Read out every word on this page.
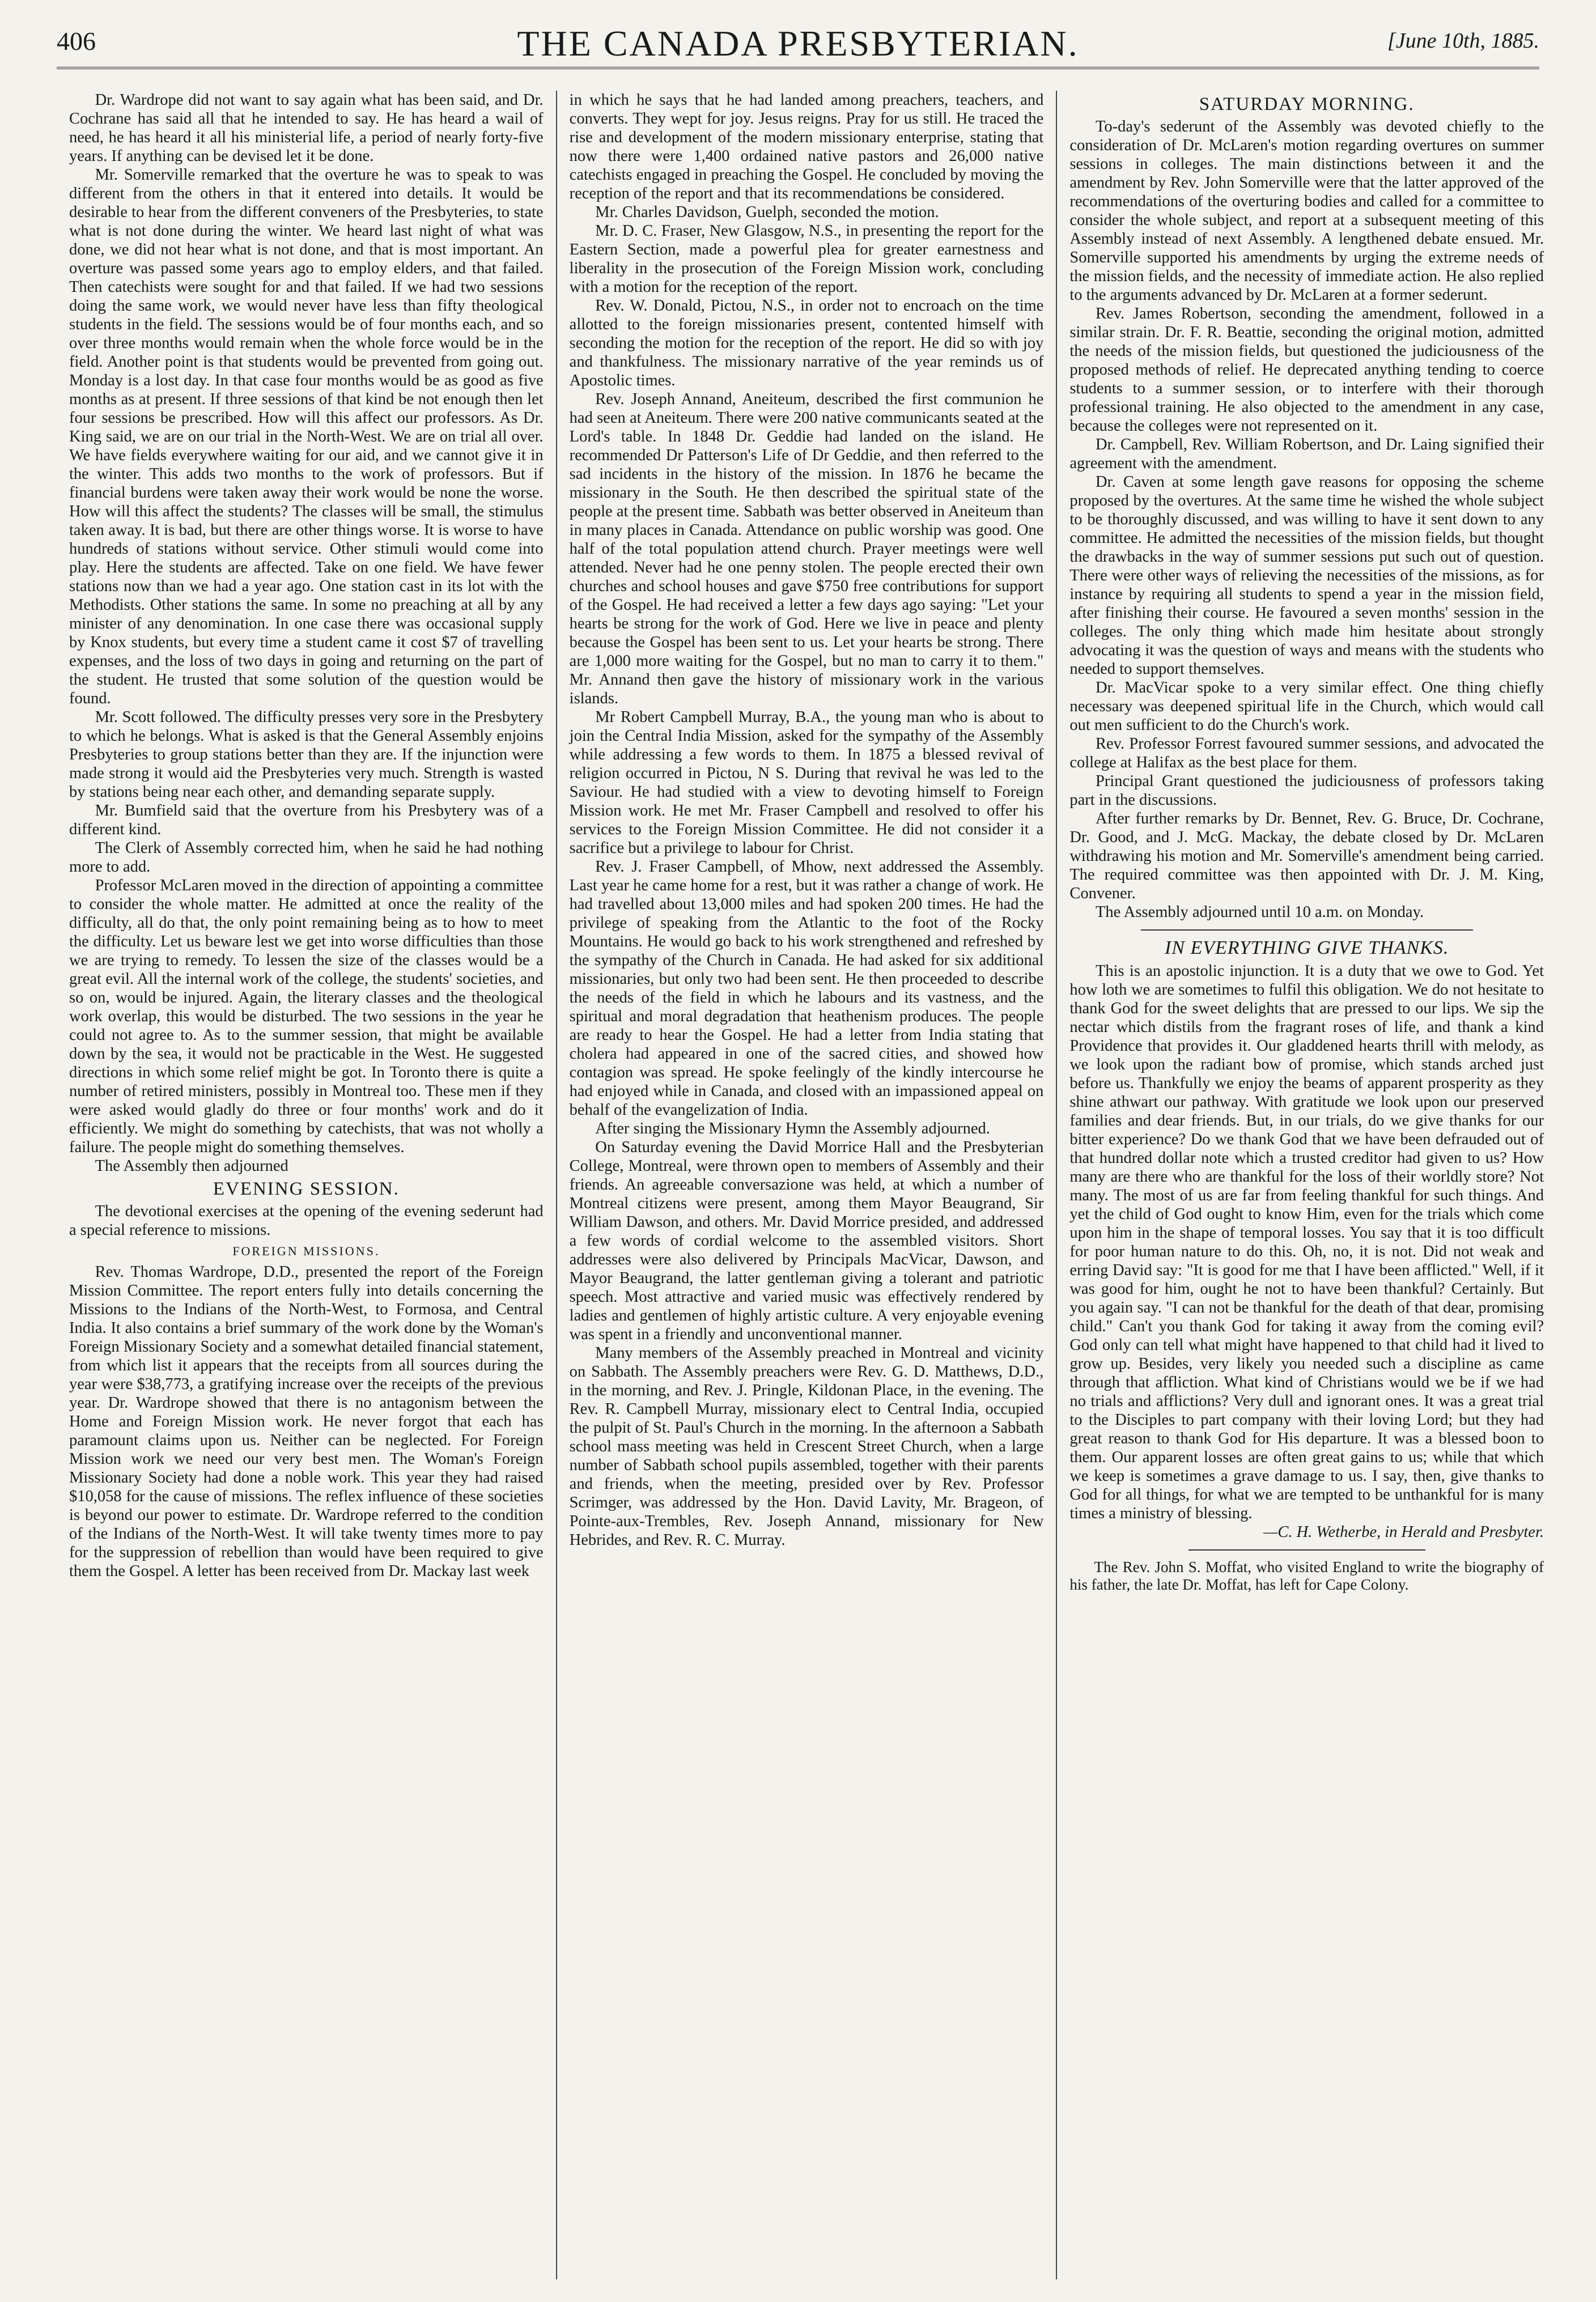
406	THE CANADA PRESBYTERIAN.	[June 10th, 1885.

Dr. Wardrope did not want to say again what has been said, and Dr. Cochrane has said all that he intended to say. He has heard a wail of need, he has heard it all his ministerial life, a period of nearly forty-five years. If anything can be devised let it be done.

Mr. Somerville remarked that the overture he was to speak to was different from the others in that it entered into details. It would be desirable to hear from the different conveners of the Presbyteries, to state what is not done during the winter. We heard last night of what was done, we did not hear what is not done, and that is most important. An overture was passed some years ago to employ elders, and that failed. Then catechists were sought for and that failed. If we had two sessions doing the same work, we would never have less than fifty theological students in the field. The sessions would be of four months each, and so over three months would remain when the whole force would be in the field. Another point is that students would be prevented from going out. Monday is a lost day. In that case four months would be as good as five months as at present. If three sessions of that kind be not enough then let four sessions be prescribed. How will this affect our professors. As Dr. King said, we are on our trial in the North-West. We are on trial all over. We have fields everywhere waiting for our aid, and we cannot give it in the winter. This adds two months to the work of professors. But if financial burdens were taken away their work would be none the worse. How will this affect the students? The classes will be small, the stimulus taken away. It is bad, but there are other things worse. It is worse to have hundreds of stations without service. Other stimuli would come into play. Here the students are affected. Take on one field. We have fewer stations now than we had a year ago. One station cast in its lot with the Methodists. Other stations the same. In some no preaching at all by any minister of any denomination. In one case there was occasional supply by Knox students, but every time a student came it cost $7 of travelling expenses, and the loss of two days in going and returning on the part of the student. He trusted that some solution of the question would be found.

Mr. Scott followed. The difficulty presses very sore in the Presbytery to which he belongs. What is asked is that the General Assembly enjoins Presbyteries to group stations better than they are. If the injunction were made strong it would aid the Presbyteries very much. Strength is wasted by stations being near each other, and demanding separate supply.

Mr. Bumfield said that the overture from his Presbytery was of a different kind.

The Clerk of Assembly corrected him, when he said he had nothing more to add.

Professor McLaren moved in the direction of appointing a committee to consider the whole matter. He admitted at once the reality of the difficulty, all do that, the only point remaining being as to how to meet the difficulty. Let us beware lest we get into worse difficulties than those we are trying to remedy. To lessen the size of the classes would be a great evil. All the internal work of the college, the students' societies, and so on, would be injured. Again, the literary classes and the theological work overlap, this would be disturbed. The two sessions in the year he could not agree to. As to the summer session, that might be available down by the sea, it would not be practicable in the West. He suggested directions in which some relief might be got. In Toronto there is quite a number of retired ministers, possibly in Montreal too. These men if they were asked would gladly do three or four months' work and do it efficiently. We might do something by catechists, that was not wholly a failure. The people might do something themselves.

The Assembly then adjourned

EVENING SESSION.

The devotional exercises at the opening of the evening sederunt had a special reference to missions.

FOREIGN MISSIONS.

Rev. Thomas Wardrope, D.D., presented the report of the Foreign Mission Committee. The report enters fully into details concerning the Missions to the Indians of the North-West, to Formosa, and Central India. It also contains a brief summary of the work done by the Woman's Foreign Missionary Society and a somewhat detailed financial statement, from which list it appears that the receipts from all sources during the year were $38,773, a gratifying increase over the receipts of the previous year. Dr. Wardrope showed that there is no antagonism between the Home and Foreign Mission work. He never forgot that each has paramount claims upon us. Neither can be neglected. For Foreign Mission work we need our very best men. The Woman's Foreign Missionary Society had done a noble work. This year they had raised $10,058 for the cause of missions. The reflex influence of these societies is beyond our power to estimate. Dr. Wardrope referred to the condition of the Indians of the North-West. It will take twenty times more to pay for the suppression of rebellion than would have been required to give them the Gospel. A letter has been received from Dr. Mackay last week

in which he says that he had landed among preachers, teachers, and converts. They wept for joy. Jesus reigns. Pray for us still. He traced the rise and development of the modern missionary enterprise, stating that now there were 1,400 ordained native pastors and 26,000 native catechists engaged in preaching the Gospel. He concluded by moving the reception of the report and that its recommendations be considered.

Mr. Charles Davidson, Guelph, seconded the motion.

Mr. D. C. Fraser, New Glasgow, N.S., in presenting the report for the Eastern Section, made a powerful plea for greater earnestness and liberality in the prosecution of the Foreign Mission work, concluding with a motion for the reception of the report.

Rev. W. Donald, Pictou, N.S., in order not to encroach on the time allotted to the foreign missionaries present, contented himself with seconding the motion for the reception of the report. He did so with joy and thankfulness. The missionary narrative of the year reminds us of Apostolic times.

Rev. Joseph Annand, Aneiteum, described the first communion he had seen at Aneiteum. There were 200 native communicants seated at the Lord's table. In 1848 Dr. Geddie had landed on the island. He recommended Dr Patterson's Life of Dr Geddie, and then referred to the sad incidents in the history of the mission. In 1876 he became the missionary in the South. He then described the spiritual state of the people at the present time. Sabbath was better observed in Aneiteum than in many places in Canada. Attendance on public worship was good. One half of the total population attend church. Prayer meetings were well attended. Never had he one penny stolen. The people erected their own churches and school houses and gave $750 free contributions for support of the Gospel. He had received a letter a few days ago saying: "Let your hearts be strong for the work of God. Here we live in peace and plenty because the Gospel has been sent to us. Let your hearts be strong. There are 1,000 more waiting for the Gospel, but no man to carry it to them." Mr. Annand then gave the history of missionary work in the various islands.

Mr Robert Campbell Murray, B.A., the young man who is about to join the Central India Mission, asked for the sympathy of the Assembly while addressing a few words to them. In 1875 a blessed revival of religion occurred in Pictou, N S. During that revival he was led to the Saviour. He had studied with a view to devoting himself to Foreign Mission work. He met Mr. Fraser Campbell and resolved to offer his services to the Foreign Mission Committee. He did not consider it a sacrifice but a privilege to labour for Christ.

Rev. J. Fraser Campbell, of Mhow, next addressed the Assembly. Last year he came home for a rest, but it was rather a change of work. He had travelled about 13,000 miles and had spoken 200 times. He had the privilege of speaking from the Atlantic to the foot of the Rocky Mountains. He would go back to his work strengthened and refreshed by the sympathy of the Church in Canada. He had asked for six additional missionaries, but only two had been sent. He then proceeded to describe the needs of the field in which he labours and its vastness, and the spiritual and moral degradation that heathenism produces. The people are ready to hear the Gospel. He had a letter from India stating that cholera had appeared in one of the sacred cities, and showed how contagion was spread. He spoke feelingly of the kindly intercourse he had enjoyed while in Canada, and closed with an impassioned appeal on behalf of the evangelization of India.

After singing the Missionary Hymn the Assembly adjourned.

On Saturday evening the David Morrice Hall and the Presbyterian College, Montreal, were thrown open to members of Assembly and their friends. An agreeable conversazione was held, at which a number of Montreal citizens were present, among them Mayor Beaugrand, Sir William Dawson, and others. Mr. David Morrice presided, and addressed a few words of cordial welcome to the assembled visitors. Short addresses were also delivered by Principals MacVicar, Dawson, and Mayor Beaugrand, the latter gentleman giving a tolerant and patriotic speech. Most attractive and varied music was effectively rendered by ladies and gentlemen of highly artistic culture. A very enjoyable evening was spent in a friendly and unconventional manner.

Many members of the Assembly preached in Montreal and vicinity on Sabbath. The Assembly preachers were Rev. G. D. Matthews, D.D., in the morning, and Rev. J. Pringle, Kildonan Place, in the evening. The Rev. R. Campbell Murray, missionary elect to Central India, occupied the pulpit of St. Paul's Church in the morning. In the afternoon a Sabbath school mass meeting was held in Crescent Street Church, when a large number of Sabbath school pupils assembled, together with their parents and friends, when the meeting, presided over by Rev. Professor Scrimger, was addressed by the Hon. David Lavity, Mr. Brageon, of Pointe-aux-Trembles, Rev. Joseph Annand, missionary for New Hebrides, and Rev. R. C. Murray.

SATURDAY MORNING.

To-day's sederunt of the Assembly was devoted chiefly to the consideration of Dr. McLaren's motion regarding overtures on summer sessions in colleges. The main distinctions between it and the amendment by Rev. John Somerville were that the latter approved of the recommendations of the overturing bodies and called for a committee to consider the whole subject, and report at a subsequent meeting of this Assembly instead of next Assembly. A lengthened debate ensued. Mr. Somerville supported his amendments by urging the extreme needs of the mission fields, and the necessity of immediate action. He also replied to the arguments advanced by Dr. McLaren at a former sederunt.

Rev. James Robertson, seconding the amendment, followed in a similar strain. Dr. F. R. Beattie, seconding the original motion, admitted the needs of the mission fields, but questioned the judiciousness of the proposed methods of relief. He deprecated anything tending to coerce students to a summer session, or to interfere with their thorough professional training. He also objected to the amendment in any case, because the colleges were not represented on it.

Dr. Campbell, Rev. William Robertson, and Dr. Laing signified their agreement with the amendment.

Dr. Caven at some length gave reasons for opposing the scheme proposed by the overtures. At the same time he wished the whole subject to be thoroughly discussed, and was willing to have it sent down to any committee. He admitted the necessities of the mission fields, but thought the drawbacks in the way of summer sessions put such out of question. There were other ways of relieving the necessities of the missions, as for instance by requiring all students to spend a year in the mission field, after finishing their course. He favoured a seven months' session in the colleges. The only thing which made him hesitate about strongly advocating it was the question of ways and means with the students who needed to support themselves.

Dr. MacVicar spoke to a very similar effect. One thing chiefly necessary was deepened spiritual life in the Church, which would call out men sufficient to do the Church's work.

Rev. Professor Forrest favoured summer sessions, and advocated the college at Halifax as the best place for them.

Principal Grant questioned the judiciousness of professors taking part in the discussions.

After further remarks by Dr. Bennet, Rev. G. Bruce, Dr. Cochrane, Dr. Good, and J. McG. Mackay, the debate closed by Dr. McLaren withdrawing his motion and Mr. Somerville's amendment being carried. The required committee was then appointed with Dr. J. M. King, Convener.

The Assembly adjourned until 10 a.m. on Monday.

IN EVERYTHING GIVE THANKS.

This is an apostolic injunction. It is a duty that we owe to God. Yet how loth we are sometimes to fulfil this obligation. We do not hesitate to thank God for the sweet delights that are pressed to our lips. We sip the nectar which distils from the fragrant roses of life, and thank a kind Providence that provides it. Our gladdened hearts thrill with melody, as we look upon the radiant bow of promise, which stands arched just before us. Thankfully we enjoy the beams of apparent prosperity as they shine athwart our pathway. With gratitude we look upon our preserved families and dear friends. But, in our trials, do we give thanks for our bitter experience? Do we thank God that we have been defrauded out of that hundred dollar note which a trusted creditor had given to us? How many are there who are thankful for the loss of their worldly store? Not many. The most of us are far from feeling thankful for such things. And yet the child of God ought to know Him, even for the trials which come upon him in the shape of temporal losses. You say that it is too difficult for poor human nature to do this. Oh, no, it is not. Did not weak and erring David say: "It is good for me that I have been afflicted." Well, if it was good for him, ought he not to have been thankful? Certainly. But you again say. "I can not be thankful for the death of that dear, promising child." Can't you thank God for taking it away from the coming evil? God only can tell what might have happened to that child had it lived to grow up. Besides, very likely you needed such a discipline as came through that affliction. What kind of Christians would we be if we had no trials and afflictions? Very dull and ignorant ones. It was a great trial to the Disciples to part company with their loving Lord; but they had great reason to thank God for His departure. It was a blessed boon to them. Our apparent losses are often great gains to us; while that which we keep is sometimes a grave damage to us. I say, then, give thanks to God for all things, for what we are tempted to be unthankful for is many times a ministry of blessing.

—C. H. Wetherbe, in Herald and Presbyter.

The Rev. John S. Moffat, who visited England to write the biography of his father, the late Dr. Moffat, has left for Cape Colony.
